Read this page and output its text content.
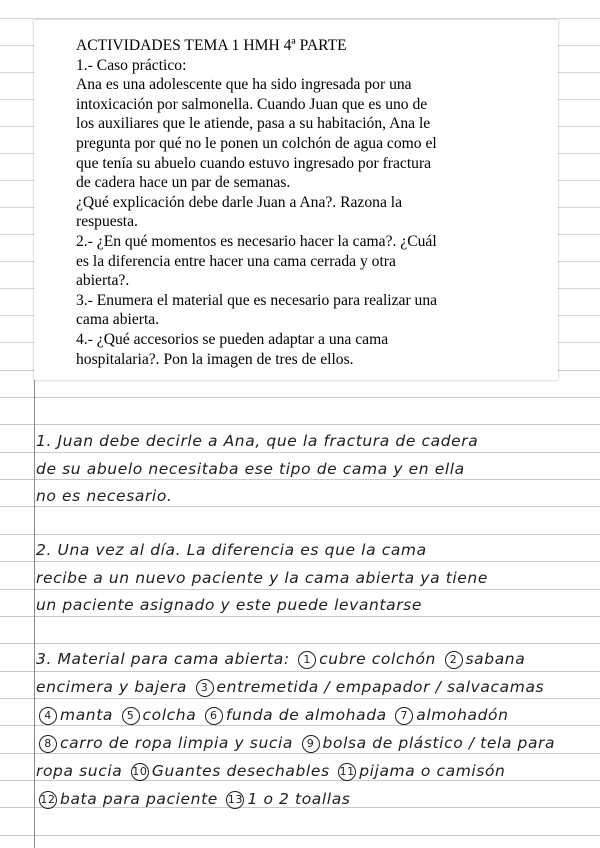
ACTIVIDADES TEMA 1 HMH 4ª PARTE
1.- Caso práctico:
Ana es una adolescente que ha sido ingresada por una
intoxicación por salmonella. Cuando Juan que es uno de
los auxiliares que le atiende, pasa a su habitación, Ana le
pregunta por qué no le ponen un colchón de agua como el
que tenía su abuelo cuando estuvo ingresado por fractura
de cadera hace un par de semanas.
¿Qué explicación debe darle Juan a Ana?. Razona la
respuesta.
2.- ¿En qué momentos es necesario hacer la cama?. ¿Cuál
es la diferencia entre hacer una cama cerrada y otra
abierta?.
3.- Enumera el material que es necesario para realizar una
cama abierta.
4.- ¿Qué accesorios se pueden adaptar a una cama
hospitalaria?. Pon la imagen de tres de ellos.
1. Juan debe decirle a Ana, que la fractura de cadera
de su abuelo necesitaba ese tipo de cama y en ella
no es necesario.
2. Una vez al día. La diferencia es que la cama
recibe a un nuevo paciente y la cama abierta ya tiene
un paciente asignado y este puede levantarse
3. Material para cama abierta: 1 cubre colchón 2 sabana
encimera y bajera 3 entremetida / empapador / salvacamas
4 manta 5 colcha 6 funda de almohada 7 almohadón
8 carro de ropa limpia y sucia 9 bolsa de plástico / tela para
ropa sucia 10 Guantes desechables 11 pijama o camisón
12 bata para paciente 13 1 o 2 toallas
